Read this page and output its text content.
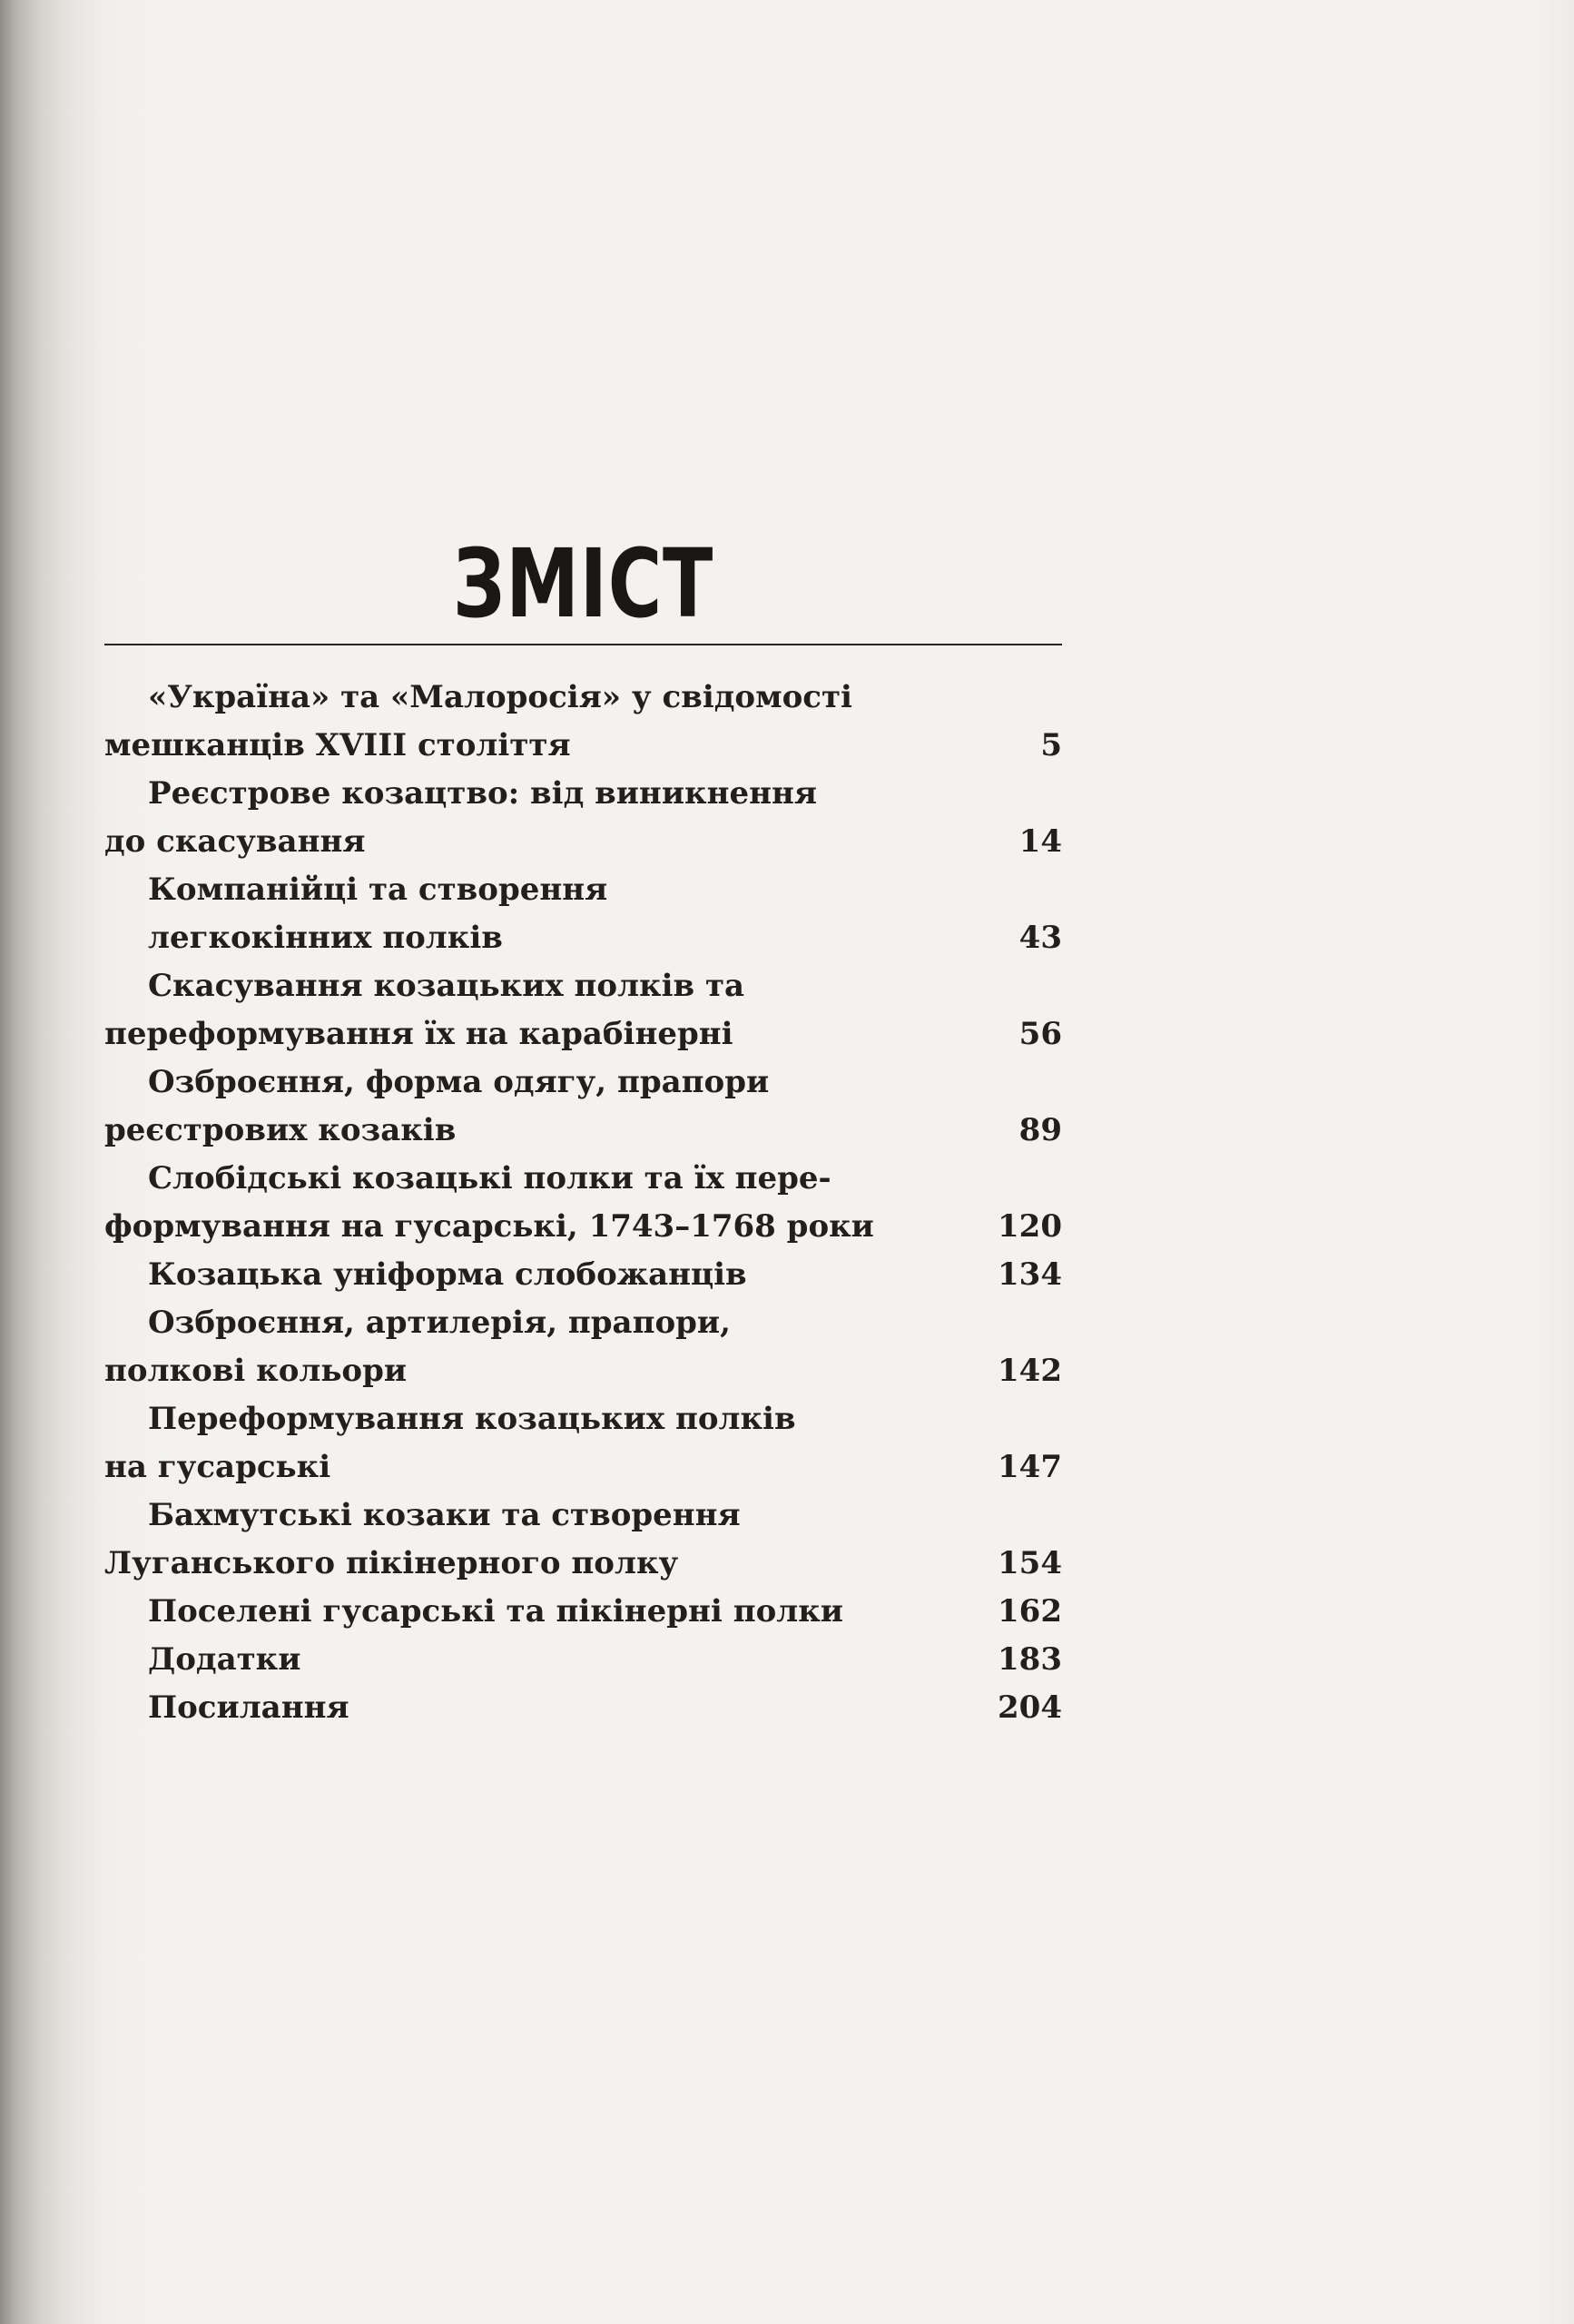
ЗМІСТ
«Україна» та «Малоросія» у свідомості
мешканців XVIII століття	5
Реєстрове козацтво: від виникнення
до скасування	14
Компанійці та створення
легкокінних полків	43
Скасування козацьких полків та
переформування їх на карабінерні	56
Озброєння, форма одягу, прапори
реєстрових козаків	89
Слобідські козацькі полки та їх пере-
формування на гусарські, 1743–1768 роки	120
Козацька уніформа слобожанців	134
Озброєння, артилерія, прапори,
полкові кольори	142
Переформування козацьких полків
на гусарські	147
Бахмутські козаки та створення
Луганського пікінерного полку	154
Поселені гусарські та пікінерні полки	162
Додатки	183
Посилання	204
